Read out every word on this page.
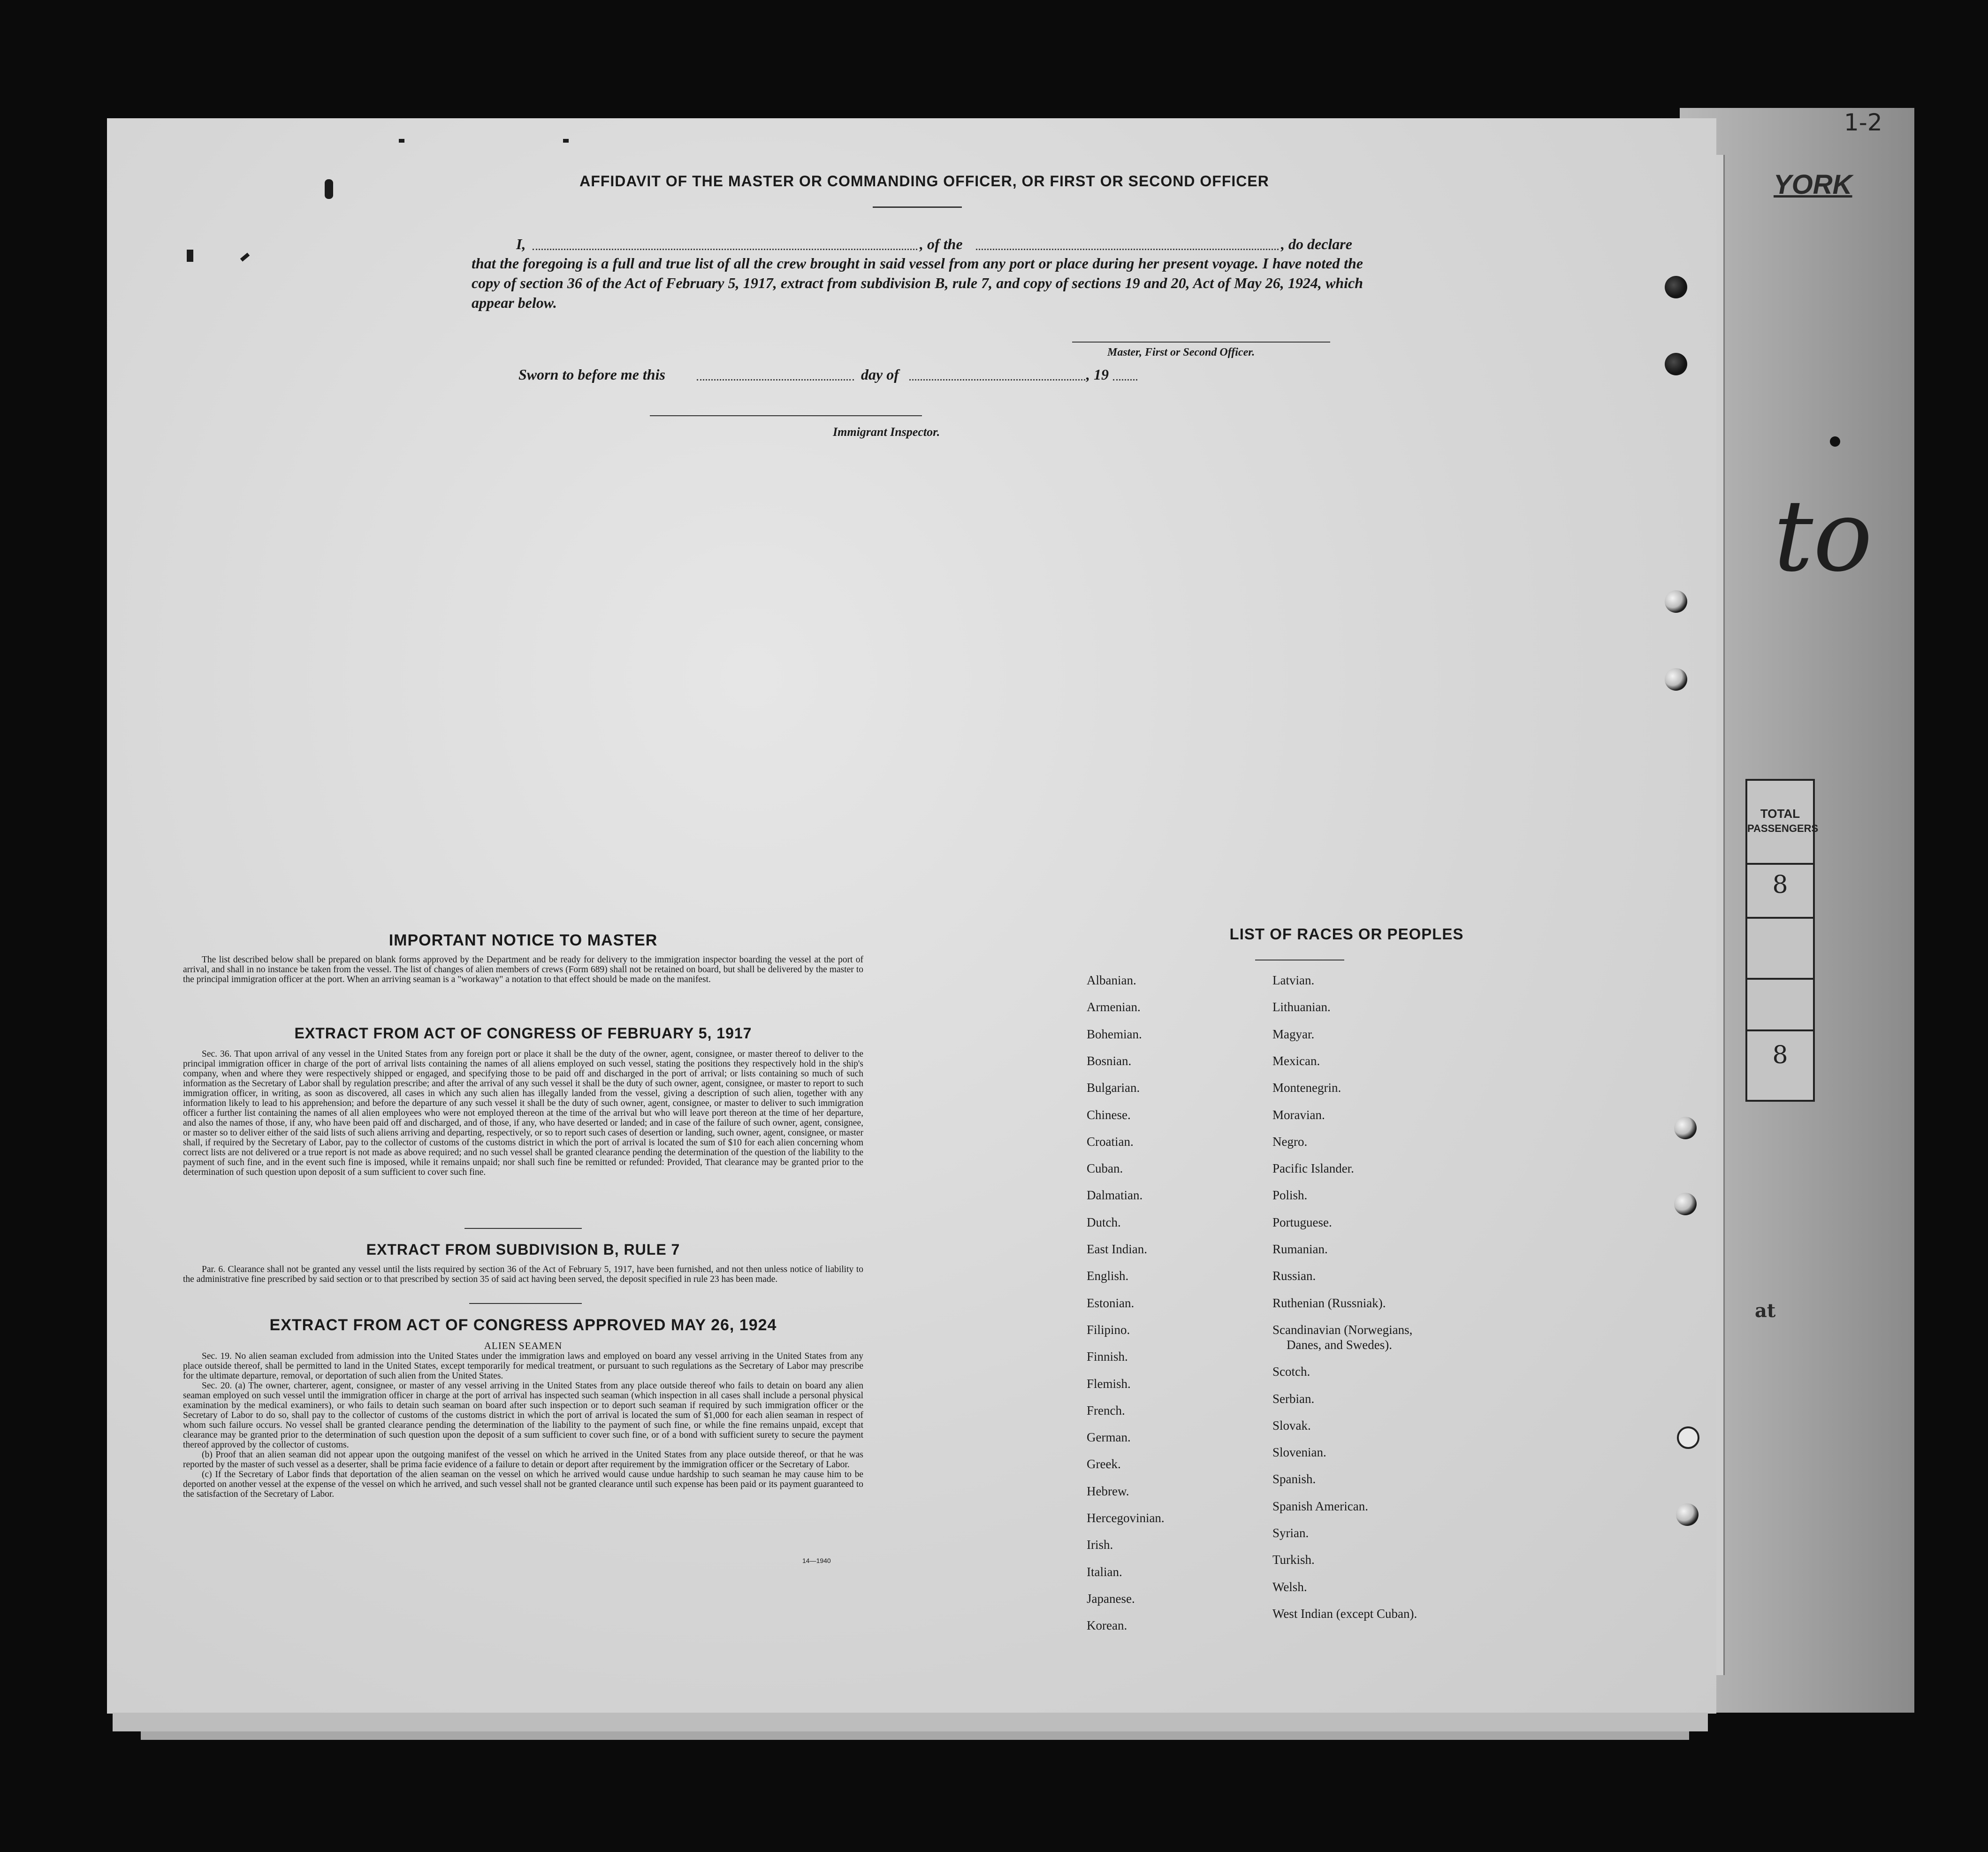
YORK
1-2
to
TOTAL
PASSENGERS
8
8
at
AFFIDAVIT OF THE MASTER OR COMMANDING OFFICER, OR FIRST OR SECOND OFFICER
I,	, of the	, do declare
that the foregoing is a full and true list of all the crew brought in said vessel from any port or place during her present voyage. I have noted the copy of section 36 of the Act of February 5, 1917, extract from subdivision B, rule 7, and copy of sections 19 and 20, Act of May 26, 1924, which appear below.
Master, First or Second Officer.
Sworn to before me this	day of	, 19
Immigrant Inspector.
IMPORTANT NOTICE TO MASTER

The list described below shall be prepared on blank forms approved by the Department and be ready for delivery to the immigration inspector boarding the vessel at the port of arrival, and shall in no instance be taken from the vessel. The list of changes of alien members of crews (Form 689) shall not be retained on board, but shall be delivered by the master to the principal immigration officer at the port. When an arriving seaman is a "workaway" a notation to that effect should be made on the manifest.

EXTRACT FROM ACT OF CONGRESS OF FEBRUARY 5, 1917

Sec. 36. That upon arrival of any vessel in the United States from any foreign port or place it shall be the duty of the owner, agent, consignee, or master thereof to deliver to the principal immigration officer in charge of the port of arrival lists containing the names of all aliens employed on such vessel, stating the positions they respectively hold in the ship's company, when and where they were respectively shipped or engaged, and specifying those to be paid off and discharged in the port of arrival; or lists containing so much of such information as the Secretary of Labor shall by regulation prescribe; and after the arrival of any such vessel it shall be the duty of such owner, agent, consignee, or master to report to such immigration officer, in writing, as soon as discovered, all cases in which any such alien has illegally landed from the vessel, giving a description of such alien, together with any information likely to lead to his apprehension; and before the departure of any such vessel it shall be the duty of such owner, agent, consignee, or master to deliver to such immigration officer a further list containing the names of all alien employees who were not employed thereon at the time of the arrival but who will leave port thereon at the time of her departure, and also the names of those, if any, who have been paid off and discharged, and of those, if any, who have deserted or landed; and in case of the failure of such owner, agent, consignee, or master so to deliver either of the said lists of such aliens arriving and departing, respectively, or so to report such cases of desertion or landing, such owner, agent, consignee, or master shall, if required by the Secretary of Labor, pay to the collector of customs of the customs district in which the port of arrival is located the sum of $10 for each alien concerning whom correct lists are not delivered or a true report is not made as above required; and no such vessel shall be granted clearance pending the determination of the question of the liability to the payment of such fine, and in the event such fine is imposed, while it remains unpaid; nor shall such fine be remitted or refunded: Provided, That clearance may be granted prior to the determination of such question upon deposit of a sum sufficient to cover such fine.

EXTRACT FROM SUBDIVISION B, RULE 7

Par. 6. Clearance shall not be granted any vessel until the lists required by section 36 of the Act of February 5, 1917, have been furnished, and not then unless notice of liability to the administrative fine prescribed by said section or to that prescribed by section 35 of said act having been served, the deposit specified in rule 23 has been made.

EXTRACT FROM ACT OF CONGRESS APPROVED MAY 26, 1924
ALIEN SEAMEN

Sec. 19. No alien seaman excluded from admission into the United States under the immigration laws and employed on board any vessel arriving in the United States from any place outside thereof, shall be permitted to land in the United States, except temporarily for medical treatment, or pursuant to such regulations as the Secretary of Labor may prescribe for the ultimate departure, removal, or deportation of such alien from the United States.

Sec. 20. (a) The owner, charterer, agent, consignee, or master of any vessel arriving in the United States from any place outside thereof who fails to detain on board any alien seaman employed on such vessel until the immigration officer in charge at the port of arrival has inspected such seaman (which inspection in all cases shall include a personal physical examination by the medical examiners), or who fails to detain such seaman on board after such inspection or to deport such seaman if required by such immigration officer or the Secretary of Labor to do so, shall pay to the collector of customs of the customs district in which the port of arrival is located the sum of $1,000 for each alien seaman in respect of whom such failure occurs. No vessel shall be granted clearance pending the determination of the liability to the payment of such fine, or while the fine remains unpaid, except that clearance may be granted prior to the determination of such question upon the deposit of a sum sufficient to cover such fine, or of a bond with sufficient surety to secure the payment thereof approved by the collector of customs.

(b) Proof that an alien seaman did not appear upon the outgoing manifest of the vessel on which he arrived in the United States from any place outside thereof, or that he was reported by the master of such vessel as a deserter, shall be prima facie evidence of a failure to detain or deport after requirement by the immigration officer or the Secretary of Labor.

(c) If the Secretary of Labor finds that deportation of the alien seaman on the vessel on which he arrived would cause undue hardship to such seaman he may cause him to be deported on another vessel at the expense of the vessel on which he arrived, and such vessel shall not be granted clearance until such expense has been paid or its payment guaranteed to the satisfaction of the Secretary of Labor.

14—1940
LIST OF RACES OR PEOPLES
Albanian.
Armenian.
Bohemian.
Bosnian.
Bulgarian.
Chinese.
Croatian.
Cuban.
Dalmatian.
Dutch.
East Indian.
English.
Estonian.
Filipino.
Finnish.
Flemish.
French.
German.
Greek.
Hebrew.
Hercegovinian.
Irish.
Italian.
Japanese.
Korean.
Latvian.
Lithuanian.
Magyar.
Mexican.
Montenegrin.
Moravian.
Negro.
Pacific Islander.
Polish.
Portuguese.
Rumanian.
Russian.
Ruthenian (Russniak).
Scandinavian (Norwegians,
Danes, and Swedes).
Scotch.
Serbian.
Slovak.
Slovenian.
Spanish.
Spanish American.
Syrian.
Turkish.
Welsh.
West Indian (except Cuban).
